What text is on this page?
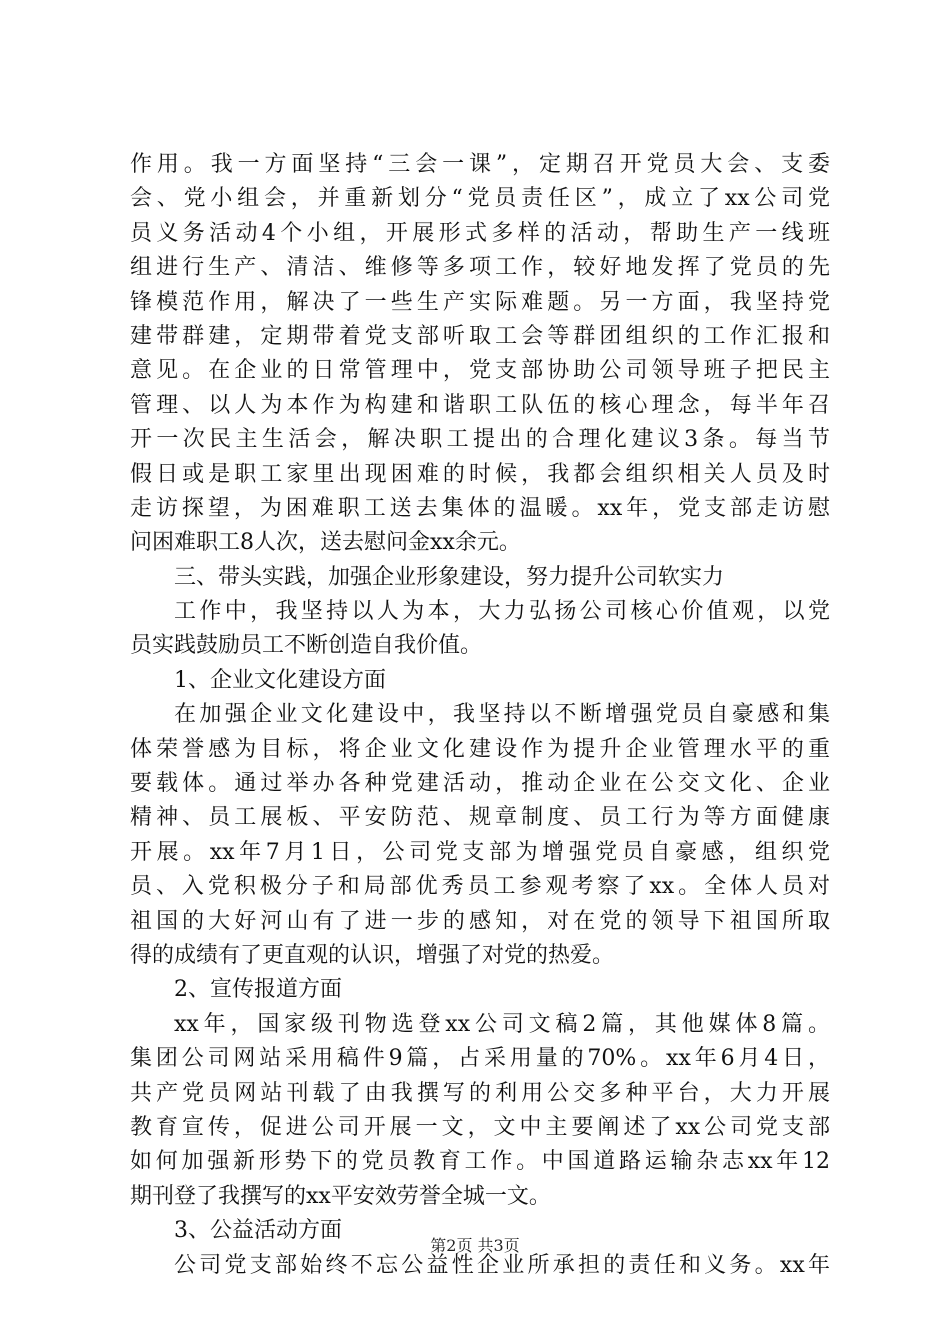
作用。我一方面坚持“三会一课”，定期召开党员大会、支委
会、党小组会，并重新划分“党员责任区”，成立了xx公司党
员义务活动4个小组，开展形式多样的活动，帮助生产一线班
组进行生产、清洁、维修等多项工作，较好地发挥了党员的先
锋模范作用，解决了一些生产实际难题。另一方面，我坚持党
建带群建，定期带着党支部听取工会等群团组织的工作汇报和
意见。在企业的日常管理中，党支部协助公司领导班子把民主
管理、以人为本作为构建和谐职工队伍的核心理念，每半年召
开一次民主生活会，解决职工提出的合理化建议3条。每当节
假日或是职工家里出现困难的时候，我都会组织相关人员及时
走访探望，为困难职工送去集体的温暖。xx年，党支部走访慰
问困难职工8人次，送去慰问金xx余元。
三、带头实践，加强企业形象建设，努力提升公司软实力
工作中，我坚持以人为本，大力弘扬公司核心价值观，以党
员实践鼓励员工不断创造自我价值。
1、企业文化建设方面
在加强企业文化建设中，我坚持以不断增强党员自豪感和集
体荣誉感为目标，将企业文化建设作为提升企业管理水平的重
要载体。通过举办各种党建活动，推动企业在公交文化、企业
精神、员工展板、平安防范、规章制度、员工行为等方面健康
开展。xx年7月1日，公司党支部为增强党员自豪感，组织党
员、入党积极分子和局部优秀员工参观考察了xx。全体人员对
祖国的大好河山有了进一步的感知，对在党的领导下祖国所取
得的成绩有了更直观的认识，增强了对党的热爱。
2、宣传报道方面
xx年，国家级刊物选登xx公司文稿2篇，其他媒体8篇。
集团公司网站采用稿件9篇，占采用量的70%。xx年6月4日，
共产党员网站刊载了由我撰写的利用公交多种平台，大力开展
教育宣传，促进公司开展一文，文中主要阐述了xx公司党支部
如何加强新形势下的党员教育工作。中国道路运输杂志xx年12
期刊登了我撰写的xx平安效劳誉全城一文。
3、公益活动方面
公司党支部始终不忘公益性企业所承担的责任和义务。xx年
第2页 共3页
